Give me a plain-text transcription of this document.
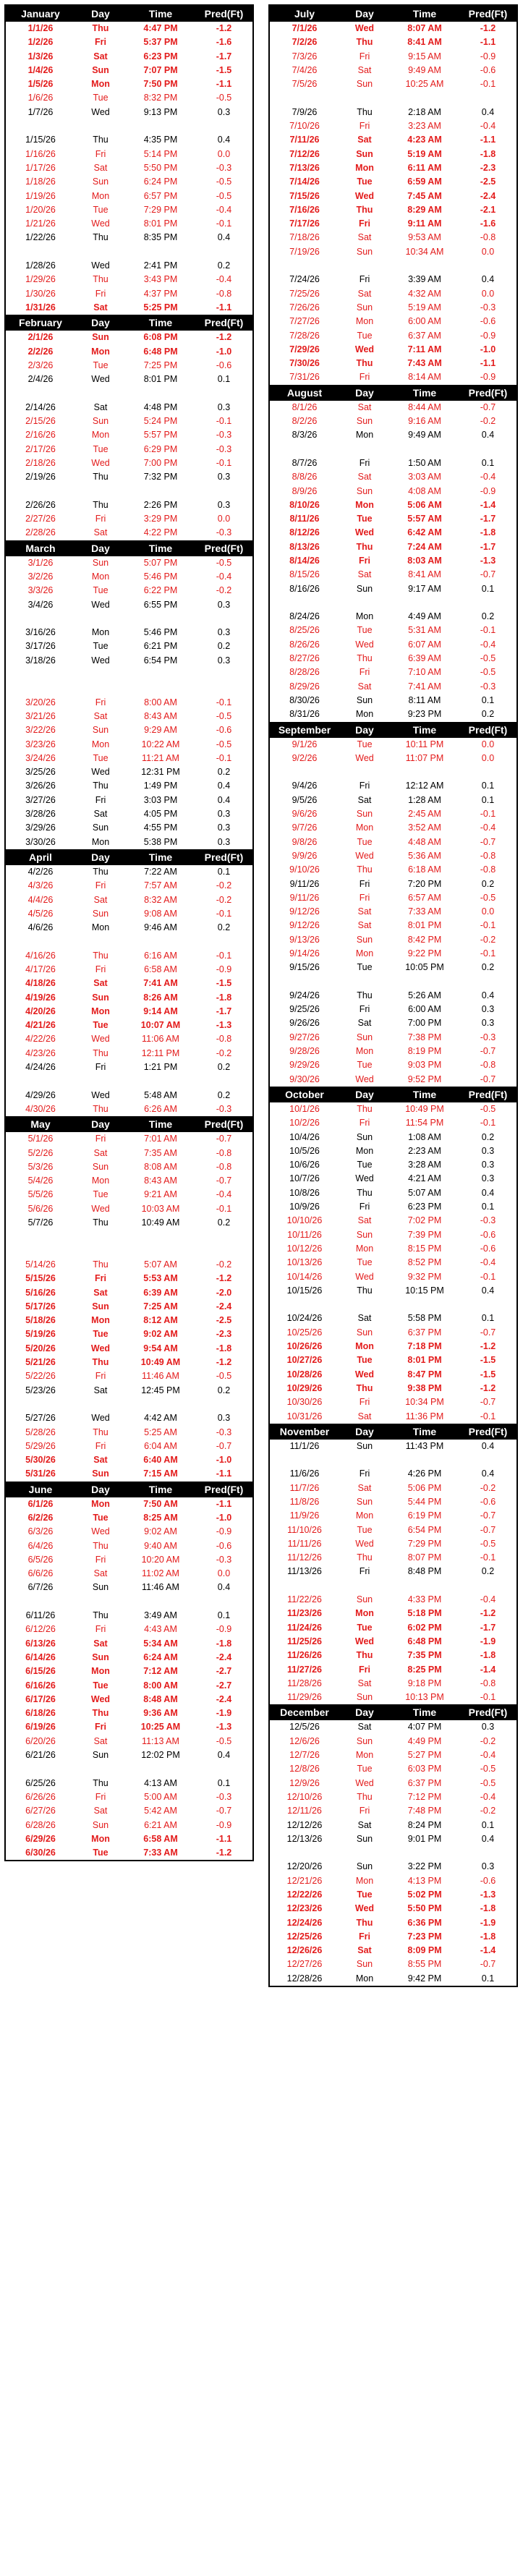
January	Day	Time	Pred(Ft)
1/1/26	Thu	4:47 PM	-1.2
1/2/26	Fri	5:37 PM	-1.6
1/3/26	Sat	6:23 PM	-1.7
1/4/26	Sun	7:07 PM	-1.5
1/5/26	Mon	7:50 PM	-1.1
1/6/26	Tue	8:32 PM	-0.5
1/7/26	Wed	9:13 PM	0.3
1/15/26	Thu	4:35 PM	0.4
1/16/26	Fri	5:14 PM	0.0
1/17/26	Sat	5:50 PM	-0.3
1/18/26	Sun	6:24 PM	-0.5
1/19/26	Mon	6:57 PM	-0.5
1/20/26	Tue	7:29 PM	-0.4
1/21/26	Wed	8:01 PM	-0.1
1/22/26	Thu	8:35 PM	0.4
1/28/26	Wed	2:41 PM	0.2
1/29/26	Thu	3:43 PM	-0.4
1/30/26	Fri	4:37 PM	-0.8
1/31/26	Sat	5:25 PM	-1.1
February	Day	Time	Pred(Ft)
2/1/26	Sun	6:08 PM	-1.2
2/2/26	Mon	6:48 PM	-1.0
2/3/26	Tue	7:25 PM	-0.6
2/4/26	Wed	8:01 PM	0.1
2/14/26	Sat	4:48 PM	0.3
2/15/26	Sun	5:24 PM	-0.1
2/16/26	Mon	5:57 PM	-0.3
2/17/26	Tue	6:29 PM	-0.3
2/18/26	Wed	7:00 PM	-0.1
2/19/26	Thu	7:32 PM	0.3
2/26/26	Thu	2:26 PM	0.3
2/27/26	Fri	3:29 PM	0.0
2/28/26	Sat	4:22 PM	-0.3
March	Day	Time	Pred(Ft)
3/1/26	Sun	5:07 PM	-0.5
3/2/26	Mon	5:46 PM	-0.4
3/3/26	Tue	6:22 PM	-0.2
3/4/26	Wed	6:55 PM	0.3
3/16/26	Mon	5:46 PM	0.3
3/17/26	Tue	6:21 PM	0.2
3/18/26	Wed	6:54 PM	0.3
3/20/26	Fri	8:00 AM	-0.1
3/21/26	Sat	8:43 AM	-0.5
3/22/26	Sun	9:29 AM	-0.6
3/23/26	Mon	10:22 AM	-0.5
3/24/26	Tue	11:21 AM	-0.1
3/25/26	Wed	12:31 PM	0.2
3/26/26	Thu	1:49 PM	0.4
3/27/26	Fri	3:03 PM	0.4
3/28/26	Sat	4:05 PM	0.3
3/29/26	Sun	4:55 PM	0.3
3/30/26	Mon	5:38 PM	0.3
April	Day	Time	Pred(Ft)
4/2/26	Thu	7:22 AM	0.1
4/3/26	Fri	7:57 AM	-0.2
4/4/26	Sat	8:32 AM	-0.2
4/5/26	Sun	9:08 AM	-0.1
4/6/26	Mon	9:46 AM	0.2
4/16/26	Thu	6:16 AM	-0.1
4/17/26	Fri	6:58 AM	-0.9
4/18/26	Sat	7:41 AM	-1.5
4/19/26	Sun	8:26 AM	-1.8
4/20/26	Mon	9:14 AM	-1.7
4/21/26	Tue	10:07 AM	-1.3
4/22/26	Wed	11:06 AM	-0.8
4/23/26	Thu	12:11 PM	-0.2
4/24/26	Fri	1:21 PM	0.2
4/29/26	Wed	5:48 AM	0.2
4/30/26	Thu	6:26 AM	-0.3
May	Day	Time	Pred(Ft)
5/1/26	Fri	7:01 AM	-0.7
5/2/26	Sat	7:35 AM	-0.8
5/3/26	Sun	8:08 AM	-0.8
5/4/26	Mon	8:43 AM	-0.7
5/5/26	Tue	9:21 AM	-0.4
5/6/26	Wed	10:03 AM	-0.1
5/7/26	Thu	10:49 AM	0.2
5/14/26	Thu	5:07 AM	-0.2
5/15/26	Fri	5:53 AM	-1.2
5/16/26	Sat	6:39 AM	-2.0
5/17/26	Sun	7:25 AM	-2.4
5/18/26	Mon	8:12 AM	-2.5
5/19/26	Tue	9:02 AM	-2.3
5/20/26	Wed	9:54 AM	-1.8
5/21/26	Thu	10:49 AM	-1.2
5/22/26	Fri	11:46 AM	-0.5
5/23/26	Sat	12:45 PM	0.2
5/27/26	Wed	4:42 AM	0.3
5/28/26	Thu	5:25 AM	-0.3
5/29/26	Fri	6:04 AM	-0.7
5/30/26	Sat	6:40 AM	-1.0
5/31/26	Sun	7:15 AM	-1.1
June	Day	Time	Pred(Ft)
6/1/26	Mon	7:50 AM	-1.1
6/2/26	Tue	8:25 AM	-1.0
6/3/26	Wed	9:02 AM	-0.9
6/4/26	Thu	9:40 AM	-0.6
6/5/26	Fri	10:20 AM	-0.3
6/6/26	Sat	11:02 AM	0.0
6/7/26	Sun	11:46 AM	0.4
6/11/26	Thu	3:49 AM	0.1
6/12/26	Fri	4:43 AM	-0.9
6/13/26	Sat	5:34 AM	-1.8
6/14/26	Sun	6:24 AM	-2.4
6/15/26	Mon	7:12 AM	-2.7
6/16/26	Tue	8:00 AM	-2.7
6/17/26	Wed	8:48 AM	-2.4
6/18/26	Thu	9:36 AM	-1.9
6/19/26	Fri	10:25 AM	-1.3
6/20/26	Sat	11:13 AM	-0.5
6/21/26	Sun	12:02 PM	0.4
6/25/26	Thu	4:13 AM	0.1
6/26/26	Fri	5:00 AM	-0.3
6/27/26	Sat	5:42 AM	-0.7
6/28/26	Sun	6:21 AM	-0.9
6/29/26	Mon	6:58 AM	-1.1
6/30/26	Tue	7:33 AM	-1.2
July	Day	Time	Pred(Ft)
7/1/26	Wed	8:07 AM	-1.2
7/2/26	Thu	8:41 AM	-1.1
7/3/26	Fri	9:15 AM	-0.9
7/4/26	Sat	9:49 AM	-0.6
7/5/26	Sun	10:25 AM	-0.1
7/9/26	Thu	2:18 AM	0.4
7/10/26	Fri	3:23 AM	-0.4
7/11/26	Sat	4:23 AM	-1.1
7/12/26	Sun	5:19 AM	-1.8
7/13/26	Mon	6:11 AM	-2.3
7/14/26	Tue	6:59 AM	-2.5
7/15/26	Wed	7:45 AM	-2.4
7/16/26	Thu	8:29 AM	-2.1
7/17/26	Fri	9:11 AM	-1.6
7/18/26	Sat	9:53 AM	-0.8
7/19/26	Sun	10:34 AM	0.0
7/24/26	Fri	3:39 AM	0.4
7/25/26	Sat	4:32 AM	0.0
7/26/26	Sun	5:19 AM	-0.3
7/27/26	Mon	6:00 AM	-0.6
7/28/26	Tue	6:37 AM	-0.9
7/29/26	Wed	7:11 AM	-1.0
7/30/26	Thu	7:43 AM	-1.1
7/31/26	Fri	8:14 AM	-0.9
August	Day	Time	Pred(Ft)
8/1/26	Sat	8:44 AM	-0.7
8/2/26	Sun	9:16 AM	-0.2
8/3/26	Mon	9:49 AM	0.4
8/7/26	Fri	1:50 AM	0.1
8/8/26	Sat	3:03 AM	-0.4
8/9/26	Sun	4:08 AM	-0.9
8/10/26	Mon	5:06 AM	-1.4
8/11/26	Tue	5:57 AM	-1.7
8/12/26	Wed	6:42 AM	-1.8
8/13/26	Thu	7:24 AM	-1.7
8/14/26	Fri	8:03 AM	-1.3
8/15/26	Sat	8:41 AM	-0.7
8/16/26	Sun	9:17 AM	0.1
8/24/26	Mon	4:49 AM	0.2
8/25/26	Tue	5:31 AM	-0.1
8/26/26	Wed	6:07 AM	-0.4
8/27/26	Thu	6:39 AM	-0.5
8/28/26	Fri	7:10 AM	-0.5
8/29/26	Sat	7:41 AM	-0.3
8/30/26	Sun	8:11 AM	0.1
8/31/26	Mon	9:23 PM	0.2
September	Day	Time	Pred(Ft)
9/1/26	Tue	10:11 PM	0.0
9/2/26	Wed	11:07 PM	0.0
9/4/26	Fri	12:12 AM	0.1
9/5/26	Sat	1:28 AM	0.1
9/6/26	Sun	2:45 AM	-0.1
9/7/26	Mon	3:52 AM	-0.4
9/8/26	Tue	4:48 AM	-0.7
9/9/26	Wed	5:36 AM	-0.8
9/10/26	Thu	6:18 AM	-0.8
9/11/26	Fri	7:20 PM	0.2
9/11/26	Fri	6:57 AM	-0.5
9/12/26	Sat	7:33 AM	0.0
9/12/26	Sat	8:01 PM	-0.1
9/13/26	Sun	8:42 PM	-0.2
9/14/26	Mon	9:22 PM	-0.1
9/15/26	Tue	10:05 PM	0.2
9/24/26	Thu	5:26 AM	0.4
9/25/26	Fri	6:00 AM	0.3
9/26/26	Sat	7:00 PM	0.3
9/27/26	Sun	7:38 PM	-0.3
9/28/26	Mon	8:19 PM	-0.7
9/29/26	Tue	9:03 PM	-0.8
9/30/26	Wed	9:52 PM	-0.7
October	Day	Time	Pred(Ft)
10/1/26	Thu	10:49 PM	-0.5
10/2/26	Fri	11:54 PM	-0.1
10/4/26	Sun	1:08 AM	0.2
10/5/26	Mon	2:23 AM	0.3
10/6/26	Tue	3:28 AM	0.3
10/7/26	Wed	4:21 AM	0.3
10/8/26	Thu	5:07 AM	0.4
10/9/26	Fri	6:23 PM	0.1
10/10/26	Sat	7:02 PM	-0.3
10/11/26	Sun	7:39 PM	-0.6
10/12/26	Mon	8:15 PM	-0.6
10/13/26	Tue	8:52 PM	-0.4
10/14/26	Wed	9:32 PM	-0.1
10/15/26	Thu	10:15 PM	0.4
10/24/26	Sat	5:58 PM	0.1
10/25/26	Sun	6:37 PM	-0.7
10/26/26	Mon	7:18 PM	-1.2
10/27/26	Tue	8:01 PM	-1.5
10/28/26	Wed	8:47 PM	-1.5
10/29/26	Thu	9:38 PM	-1.2
10/30/26	Fri	10:34 PM	-0.7
10/31/26	Sat	11:36 PM	-0.1
November	Day	Time	Pred(Ft)
11/1/26	Sun	11:43 PM	0.4
11/6/26	Fri	4:26 PM	0.4
11/7/26	Sat	5:06 PM	-0.2
11/8/26	Sun	5:44 PM	-0.6
11/9/26	Mon	6:19 PM	-0.7
11/10/26	Tue	6:54 PM	-0.7
11/11/26	Wed	7:29 PM	-0.5
11/12/26	Thu	8:07 PM	-0.1
11/13/26	Fri	8:48 PM	0.2
11/22/26	Sun	4:33 PM	-0.4
11/23/26	Mon	5:18 PM	-1.2
11/24/26	Tue	6:02 PM	-1.7
11/25/26	Wed	6:48 PM	-1.9
11/26/26	Thu	7:35 PM	-1.8
11/27/26	Fri	8:25 PM	-1.4
11/28/26	Sat	9:18 PM	-0.8
11/29/26	Sun	10:13 PM	-0.1
December	Day	Time	Pred(Ft)
12/5/26	Sat	4:07 PM	0.3
12/6/26	Sun	4:49 PM	-0.2
12/7/26	Mon	5:27 PM	-0.4
12/8/26	Tue	6:03 PM	-0.5
12/9/26	Wed	6:37 PM	-0.5
12/10/26	Thu	7:12 PM	-0.4
12/11/26	Fri	7:48 PM	-0.2
12/12/26	Sat	8:24 PM	0.1
12/13/26	Sun	9:01 PM	0.4
12/20/26	Sun	3:22 PM	0.3
12/21/26	Mon	4:13 PM	-0.6
12/22/26	Tue	5:02 PM	-1.3
12/23/26	Wed	5:50 PM	-1.8
12/24/26	Thu	6:36 PM	-1.9
12/25/26	Fri	7:23 PM	-1.8
12/26/26	Sat	8:09 PM	-1.4
12/27/26	Sun	8:55 PM	-0.7
12/28/26	Mon	9:42 PM	0.1
